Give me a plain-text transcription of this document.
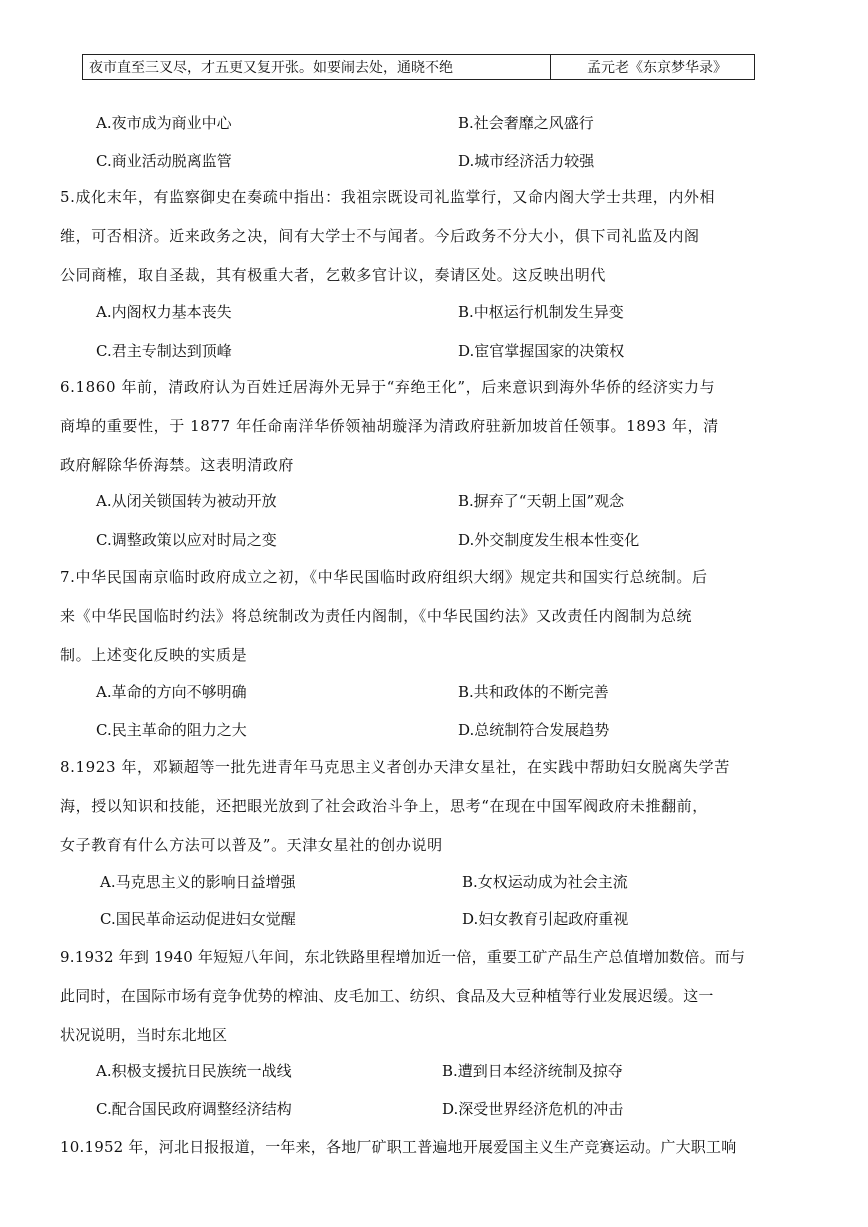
夜市直至三叉尽，才五更又复开张。如要闹去处，通晓不绝	孟元老《东京梦华录》
A.夜市成为商业中心	B.社会奢靡之风盛行
C.商业活动脱离监管	D.城市经济活力较强
5.成化末年，有监察御史在奏疏中指出：我祖宗既设司礼监掌行，又命内阁大学士共理，内外相
维，可否相济。近来政务之决，间有大学士不与闻者。今后政务不分大小，俱下司礼监及内阁
公同商榷，取自圣裁，其有极重大者，乞敕多官计议，奏请区处。这反映出明代
A.内阁权力基本丧失	B.中枢运行机制发生异变
C.君主专制达到顶峰	D.宦官掌握国家的决策权
6.1860 年前，清政府认为百姓迁居海外无异于“弃绝王化”，后来意识到海外华侨的经济实力与
商埠的重要性，于 1877 年任命南洋华侨领袖胡璇泽为清政府驻新加坡首任领事。1893 年，清
政府解除华侨海禁。这表明清政府
A.从闭关锁国转为被动开放	B.摒弃了“天朝上国”观念
C.调整政策以应对时局之变	D.外交制度发生根本性变化
7.中华民国南京临时政府成立之初，《中华民国临时政府组织大纲》规定共和国实行总统制。后
来《中华民国临时约法》将总统制改为责任内阁制，《中华民国约法》又改责任内阁制为总统
制。上述变化反映的实质是
A.革命的方向不够明确	B.共和政体的不断完善
C.民主革命的阻力之大	D.总统制符合发展趋势
8.1923 年，邓颖超等一批先进青年马克思主义者创办天津女星社，在实践中帮助妇女脱离失学苦
海，授以知识和技能，还把眼光放到了社会政治斗争上，思考“在现在中国军阀政府未推翻前，
女子教育有什么方法可以普及”。天津女星社的创办说明
A.马克思主义的影响日益增强	B.女权运动成为社会主流
C.国民革命运动促进妇女觉醒	D.妇女教育引起政府重视
9.1932 年到 1940 年短短八年间，东北铁路里程增加近一倍，重要工矿产品生产总值增加数倍。而与
此同时，在国际市场有竞争优势的榨油、皮毛加工、纺织、食品及大豆种植等行业发展迟缓。这一
状况说明，当时东北地区
A.积极支援抗日民族统一战线	B.遭到日本经济统制及掠夺
C.配合国民政府调整经济结构	D.深受世界经济危机的冲击
10.1952 年，河北日报报道，一年来，各地厂矿职工普遍地开展爱国主义生产竞赛运动。广大职工响
